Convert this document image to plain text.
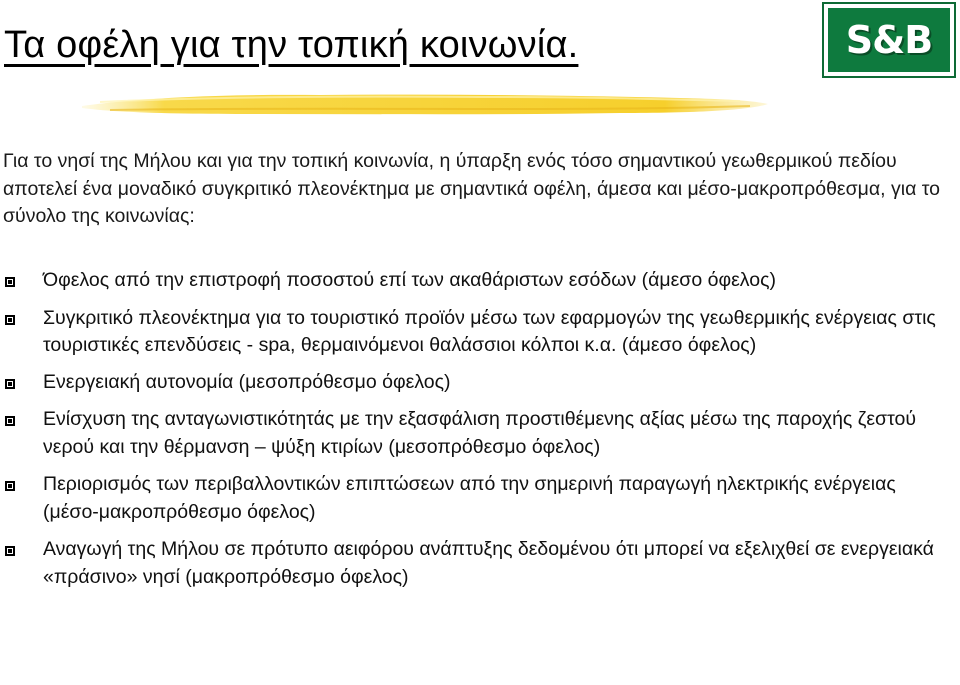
Τα οφέλη για την τοπική κοινωνία.	S&B

Για το νησί της Μήλου και για την τοπική κοινωνία, η ύπαρξη ενός τόσο σημαντικού γεωθερμικού πεδίου αποτελεί ένα μοναδικό συγκριτικό πλεονέκτημα με σημαντικά οφέλη, άμεσα και μέσο-μακροπρόθεσμα, για το σύνολο της κοινωνίας:

Όφελος από την επιστροφή ποσοστού επί των ακαθάριστων εσόδων (άμεσο όφελος)
Συγκριτικό πλεονέκτημα για το τουριστικό προϊόν μέσω των εφαρμογών της γεωθερμικής ενέργειας στις τουριστικές επενδύσεις - spa, θερμαινόμενοι θαλάσσιοι κόλποι κ.α. (άμεσο όφελος)
Ενεργειακή αυτονομία (μεσοπρόθεσμο όφελος)
Ενίσχυση της ανταγωνιστικότητάς με την εξασφάλιση προστιθέμενης αξίας μέσω της παροχής ζεστού νερού και την θέρμανση – ψύξη κτιρίων (μεσοπρόθεσμο όφελος)
Περιορισμός των περιβαλλοντικών επιπτώσεων από την σημερινή παραγωγή ηλεκτρικής ενέργειας (μέσο-μακροπρόθεσμο όφελος)
Αναγωγή της Μήλου σε πρότυπο αειφόρου ανάπτυξης δεδομένου ότι μπορεί να εξελιχθεί σε ενεργειακά «πράσινο» νησί (μακροπρόθεσμο όφελος)
